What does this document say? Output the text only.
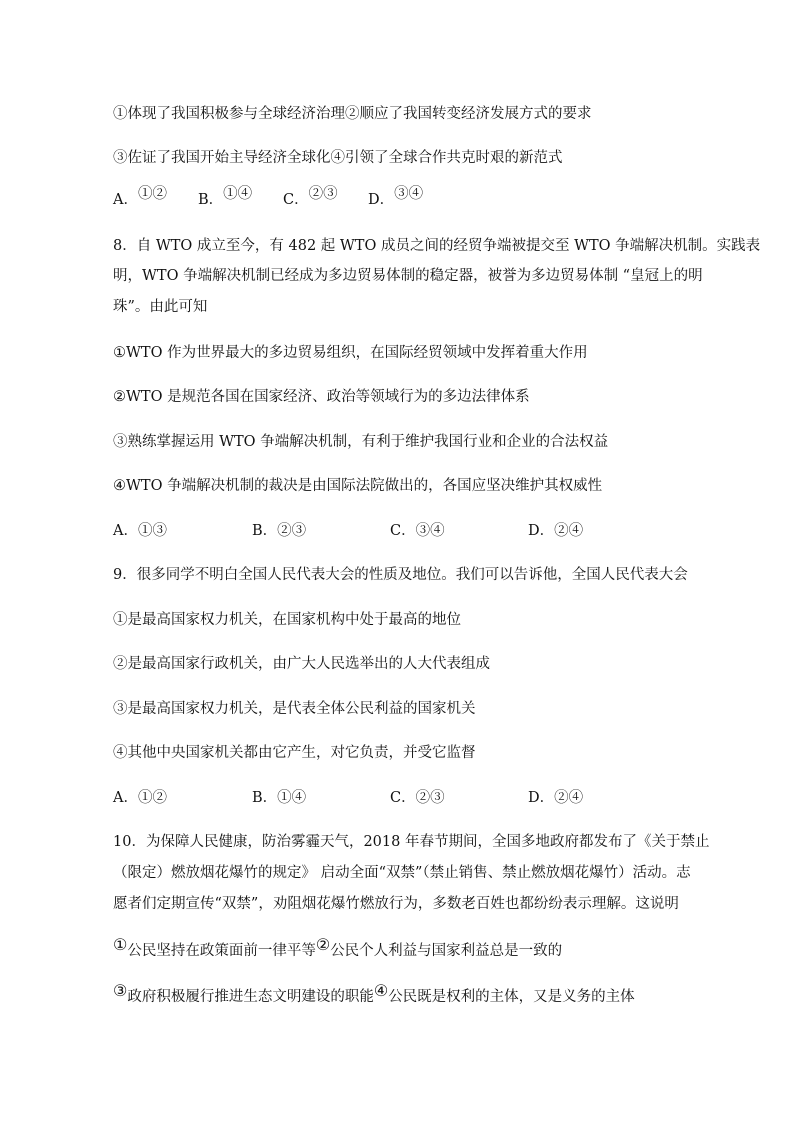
①体现了我国积极参与全球经济治理②顺应了我国转变经济发展方式的要求
③佐证了我国开始主导经济全球化④引领了全球合作共克时艰的新范式
A．①② B．①④ C．②③ D．③④
8．自 WTO 成立至今，有 482 起 WTO 成员之间的经贸争端被提交至 WTO 争端解决机制。实践表
明，WTO 争端解决机制已经成为多边贸易体制的稳定器，被誉为多边贸易体制 “皇冠上的明
珠”。由此可知
①WTO 作为世界最大的多边贸易组织，在国际经贸领域中发挥着重大作用
②WTO 是规范各国在国家经济、政治等领域行为的多边法律体系
③熟练掌握运用 WTO 争端解决机制，有利于维护我国行业和企业的合法权益
④WTO 争端解决机制的裁决是由国际法院做出的，各国应坚决维护其权威性
A．①③	B．②③	C．③④	D．②④
9．很多同学不明白全国人民代表大会的性质及地位。我们可以告诉他，全国人民代表大会
①是最高国家权力机关，在国家机构中处于最高的地位
②是最高国家行政机关，由广大人民选举出的人大代表组成
③是最高国家权力机关，是代表全体公民利益的国家机关
④其他中央国家机关都由它产生，对它负责，并受它监督
A．①②	B．①④	C．②③	D．②④
10．为保障人民健康，防治雾霾天气，2018 年春节期间，全国多地政府都发布了《关于禁止
（限定）燃放烟花爆竹的规定》 启动全面“双禁”（禁止销售、禁止燃放烟花爆竹）活动。志
愿者们定期宣传“双禁”，劝阻烟花爆竹燃放行为，多数老百姓也都纷纷表示理解。这说明
①公民坚持在政策面前一律平等②公民个人利益与国家利益总是一致的
③政府积极履行推进生态文明建设的职能④公民既是权利的主体，又是义务的主体
